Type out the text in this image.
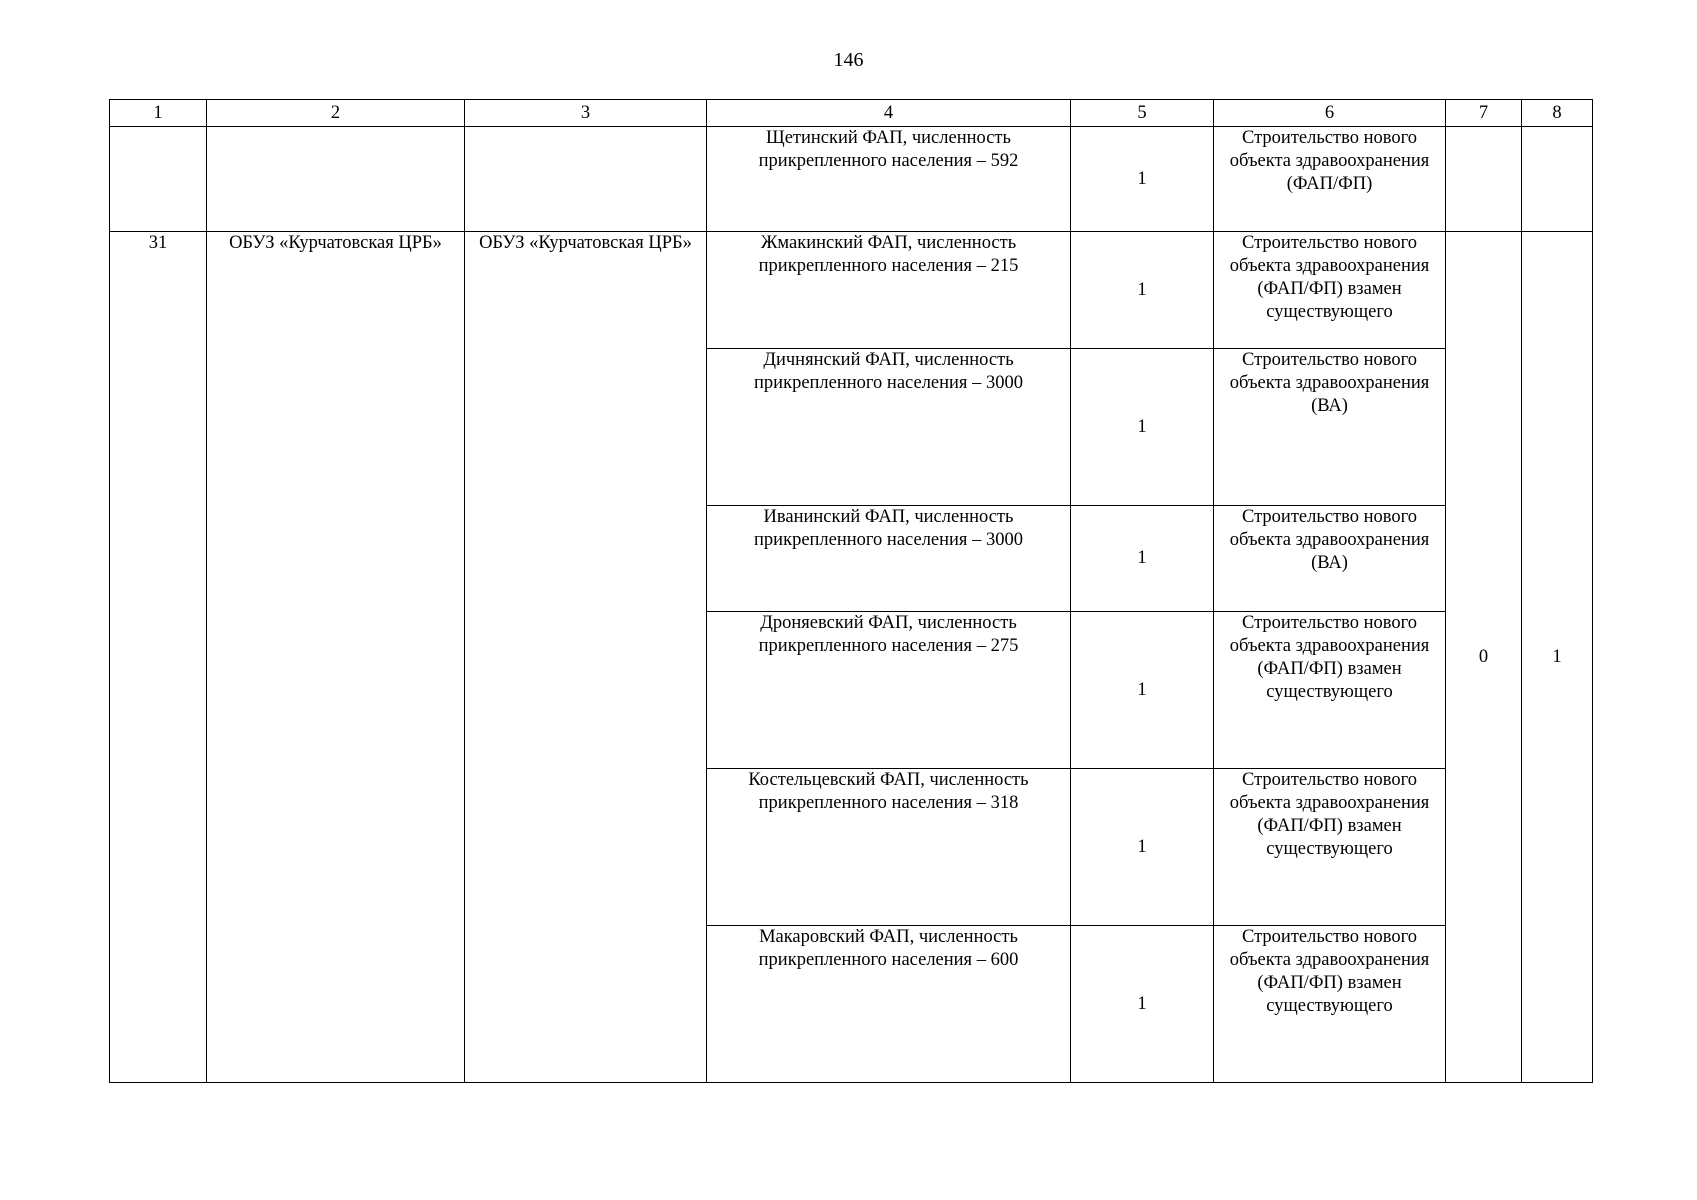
146
1	2	3	4	5	6	7	8
			Щетинский ФАП, численность прикрепленного населения – 592	1	Строительство нового объекта здравоохранения (ФАП/ФП)		
31	ОБУЗ «Курчатовская ЦРБ»	ОБУЗ «Курчатовская ЦРБ»	Жмакинский ФАП, численность прикрепленного населения – 215	1	Строительство нового объекта здравоохранения (ФАП/ФП) взамен существующего	0	1
			Дичнянский ФАП, численность прикрепленного населения – 3000	1	Строительство нового объекта здравоохранения (ВА)		
			Иванинский ФАП, численность прикрепленного населения – 3000	1	Строительство нового объекта здравоохранения (ВА)		
			Дроняевский ФАП, численность прикрепленного населения – 275	1	Строительство нового объекта здравоохранения (ФАП/ФП) взамен существующего		
			Костельцевский ФАП, численность прикрепленного населения – 318	1	Строительство нового объекта здравоохранения (ФАП/ФП) взамен существующего		
			Макаровский ФАП, численность прикрепленного населения – 600	1	Строительство нового объекта здравоохранения (ФАП/ФП) взамен существующего		
